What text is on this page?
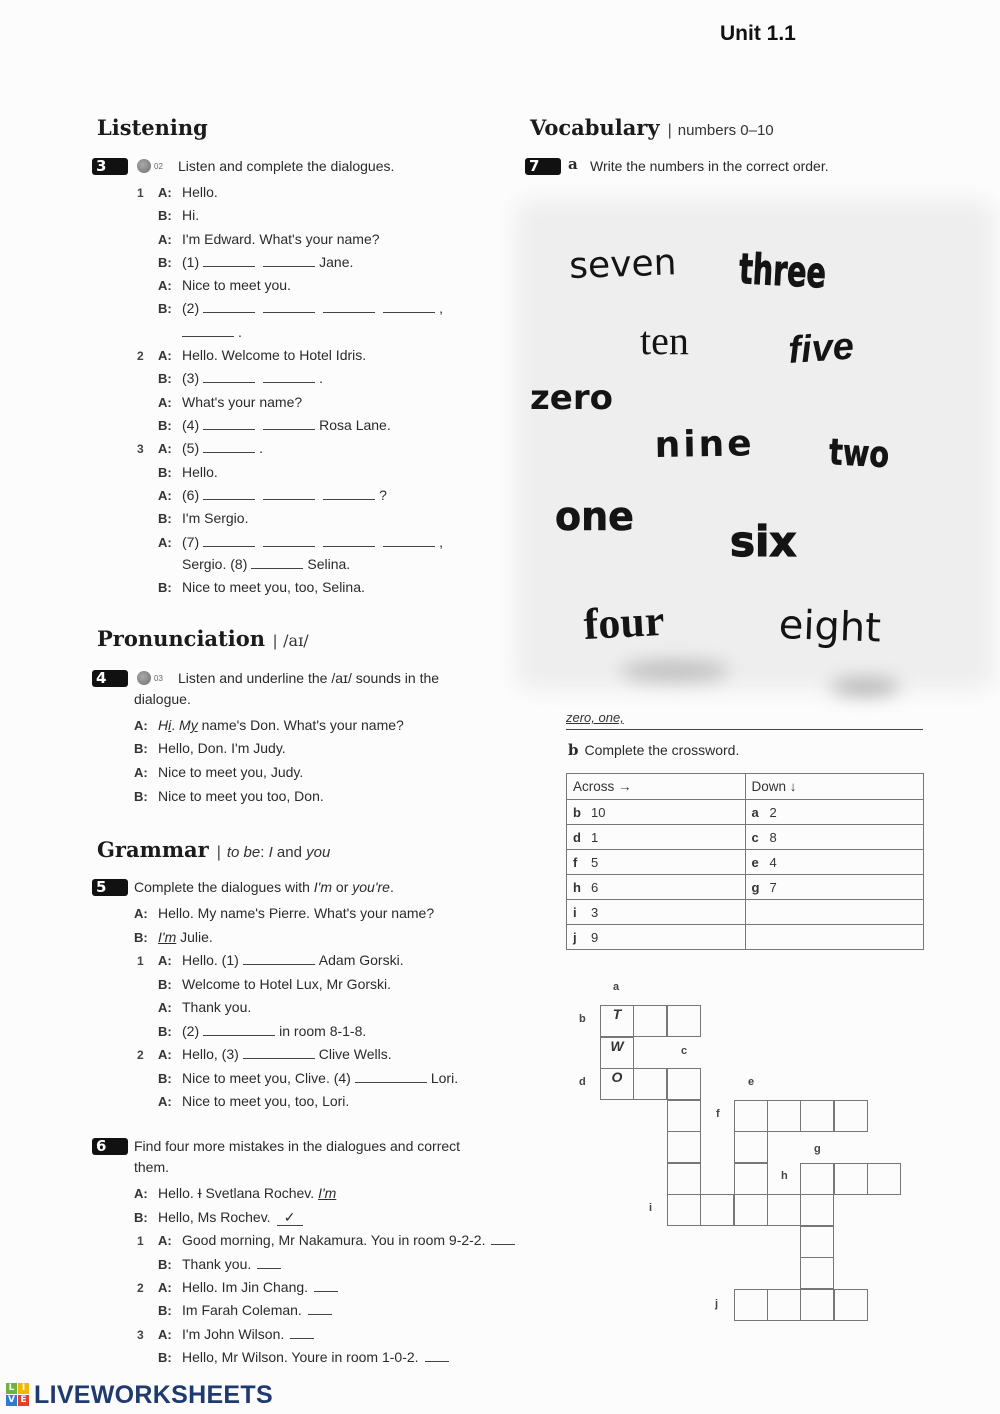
Unit 1.1
Listening
3	02 Listen and complete the dialogues.
1 A: Hello.
B: Hi.
A: I'm Edward. What's your name?
B: (1)	Jane.
A: Nice to meet you.
B: (2)	,
.
2 A: Hello. Welcome to Hotel Idris.
B: (3)	.
A: What's your name?
B: (4)	Rosa Lane.
3 A: (5)	.
B: Hello.
A: (6)	?
B: I'm Sergio.
A: (7)	,
Sergio. (8)	Selina.
B: Nice to meet you, too, Selina.
Pronunciation | /aɪ/
4	03	Listen and underline the /aɪ/ sounds in the dialogue.
A: Hi. My name's Don. What's your name?
B: Hello, Don. I'm Judy.
A: Nice to meet you, Judy.
B: Nice to meet you too, Don.
Grammar | to be: I and you
5	Complete the dialogues with I'm or you're.
A: Hello. My name's Pierre. What's your name?
B: I'm Julie.
1 A: Hello. (1)	Adam Gorski.
B: Welcome to Hotel Lux, Mr Gorski.
A: Thank you.
B: (2)	in room 8-1-8.
2 A: Hello, (3)	Clive Wells.
B: Nice to meet you, Clive. (4)	Lori.
A: Nice to meet you, too, Lori.
6	Find four more mistakes in the dialogues and correct them.
A: Hello. I Svetlana Rochev. I'm
B: Hello, Ms Rochev. ✓
1 A: Good morning, Mr Nakamura. You in room 9-2-2.
B: Thank you.
2 A: Hello. Im Jin Chang.
B: Im Farah Coleman.
3 A: I'm John Wilson.
B: Hello, Mr Wilson. Youre in room 1-0-2.
Vocabulary | numbers 0–10
7	a Write the numbers in the correct order.
seven three
ten	five
zero
nine two
one six
four	eight
zero, one,
b Complete the crossword.
Across →	Down ↓
b 10	a 2
d 1	c 8
f 5	e 4
h 6	g 7
i 3	
j 9	
a
b
c
d	e
f
g
h
i
j
T
W
O
L I
V E LIVEWORKSHEETS
